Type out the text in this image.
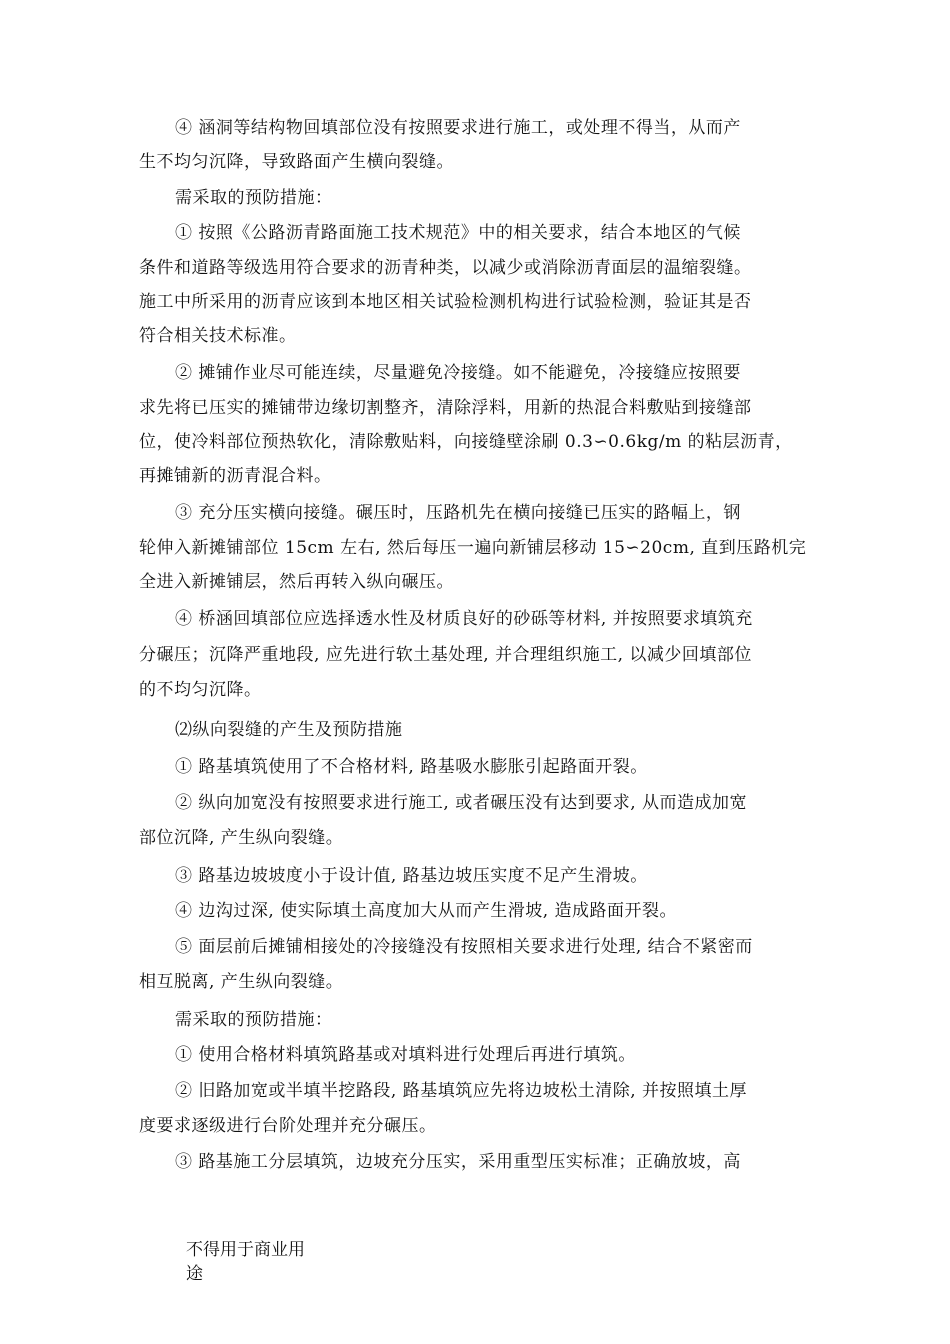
④ 涵洞等结构物回填部位没有按照要求进行施工，或处理不得当，从而产
生不均匀沉降，导致路面产生横向裂缝。
需采取的预防措施：
① 按照《公路沥青路面施工技术规范》中的相关要求，结合本地区的气候
条件和道路等级选用符合要求的沥青种类，以减少或消除沥青面层的温缩裂缝。
施工中所采用的沥青应该到本地区相关试验检测机构进行试验检测，验证其是否
符合相关技术标准。
② 摊铺作业尽可能连续，尽量避免冷接缝。如不能避免，冷接缝应按照要
求先将已压实的摊铺带边缘切割整齐，清除浮料，用新的热混合料敷贴到接缝部
位，使冷料部位预热软化，清除敷贴料，向接缝壁涂刷 0.3∽0.6kg/m 的粘层沥青，
再摊铺新的沥青混合料。
③ 充分压实横向接缝。碾压时，压路机先在横向接缝已压实的路幅上，钢
轮伸入新摊铺部位 15cm 左右, 然后每压一遍向新铺层移动 15∽20cm, 直到压路机完
全进入新摊铺层，然后再转入纵向碾压。
④ 桥涵回填部位应选择透水性及材质良好的砂砾等材料, 并按照要求填筑充
分碾压；沉降严重地段, 应先进行软土基处理, 并合理组织施工, 以减少回填部位
的不均匀沉降。
⑵纵向裂缝的产生及预防措施
① 路基填筑使用了不合格材料, 路基吸水膨胀引起路面开裂。
② 纵向加宽没有按照要求进行施工, 或者碾压没有达到要求, 从而造成加宽
部位沉降, 产生纵向裂缝。
③ 路基边坡坡度小于设计值, 路基边坡压实度不足产生滑坡。
④ 边沟过深, 使实际填土高度加大从而产生滑坡, 造成路面开裂。
⑤ 面层前后摊铺相接处的冷接缝没有按照相关要求进行处理, 结合不紧密而
相互脱离, 产生纵向裂缝。
需采取的预防措施：
① 使用合格材料填筑路基或对填料进行处理后再进行填筑。
② 旧路加宽或半填半挖路段, 路基填筑应先将边坡松土清除, 并按照填土厚
度要求逐级进行台阶处理并充分碾压。
③ 路基施工分层填筑，边坡充分压实，采用重型压实标准；正确放坡，高
不得用于商业用
途
